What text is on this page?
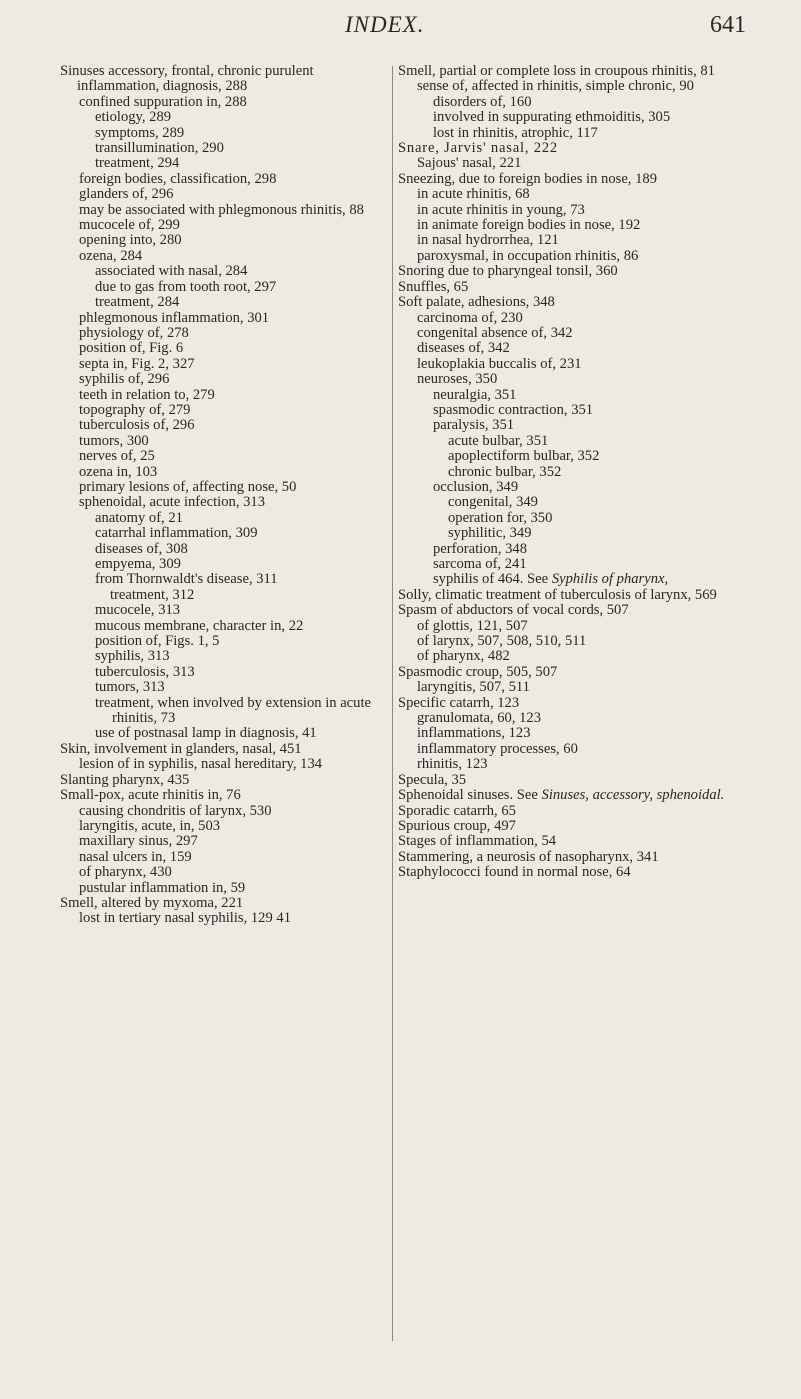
INDEX.	641

Sinuses accessory, frontal, chronic purulent inflammation, diagnosis, 288

confined suppuration in, 288

etiology, 289

symptoms, 289

transillumination, 290

treatment, 294

foreign bodies, classification, 298

glanders of, 296

may be associated with phlegmonous rhinitis, 88

mucocele of, 299

opening into, 280

ozena, 284

associated with nasal, 284

due to gas from tooth root, 297

treatment, 284

phlegmonous inflammation, 301

physiology of, 278

position of, Fig. 6

septa in, Fig. 2, 327

syphilis of, 296

teeth in relation to, 279

topography of, 279

tuberculosis of, 296

tumors, 300

nerves of, 25

ozena in, 103

primary lesions of, affecting nose, 50

sphenoidal, acute infection, 313

anatomy of, 21

catarrhal inflammation, 309

diseases of, 308

empyema, 309

from Thornwaldt's disease, 311

treatment, 312

mucocele, 313

mucous membrane, character in, 22

position of, Figs. 1, 5

syphilis, 313

tuberculosis, 313

tumors, 313

treatment, when involved by extension in acute rhinitis, 73

use of postnasal lamp in diagnosis, 41

Skin, involvement in glanders, nasal, 451

lesion of in syphilis, nasal hereditary, 134

Slanting pharynx, 435

Small-pox, acute rhinitis in, 76

causing chondritis of larynx, 530

laryngitis, acute, in, 503

maxillary sinus, 297

nasal ulcers in, 159

of pharynx, 430

pustular inflammation in, 59

Smell, altered by myxoma, 221

lost in tertiary nasal syphilis, 129 41

Smell, partial or complete loss in croupous rhinitis, 81

sense of, affected in rhinitis, simple chronic, 90

disorders of, 160

involved in suppurating ethmoiditis, 305

lost in rhinitis, atrophic, 117

Snare, Jarvis' nasal, 222

Sajous' nasal, 221

Sneezing, due to foreign bodies in nose, 189

in acute rhinitis, 68

in acute rhinitis in young, 73

in animate foreign bodies in nose, 192

in nasal hydrorrhea, 121

paroxysmal, in occupation rhinitis, 86

Snoring due to pharyngeal tonsil, 360

Snuffles, 65

Soft palate, adhesions, 348

carcinoma of, 230

congenital absence of, 342

diseases of, 342

leukoplakia buccalis of, 231

neuroses, 350

neuralgia, 351

spasmodic contraction, 351

paralysis, 351

acute bulbar, 351

apoplectiform bulbar, 352

chronic bulbar, 352

occlusion, 349

congenital, 349

operation for, 350

syphilitic, 349

perforation, 348

sarcoma of, 241

syphilis of 464. See Syphilis of pharynx,

Solly, climatic treatment of tuberculosis of larynx, 569

Spasm of abductors of vocal cords, 507

of glottis, 121, 507

of larynx, 507, 508, 510, 511

of pharynx, 482

Spasmodic croup, 505, 507

laryngitis, 507, 511

Specific catarrh, 123

granulomata, 60, 123

inflammations, 123

inflammatory processes, 60

rhinitis, 123

Specula, 35

Sphenoidal sinuses. See Sinuses, accessory, sphenoidal.

Sporadic catarrh, 65

Spurious croup, 497

Stages of inflammation, 54

Stammering, a neurosis of nasopharynx, 341

Staphylococci found in normal nose, 64
